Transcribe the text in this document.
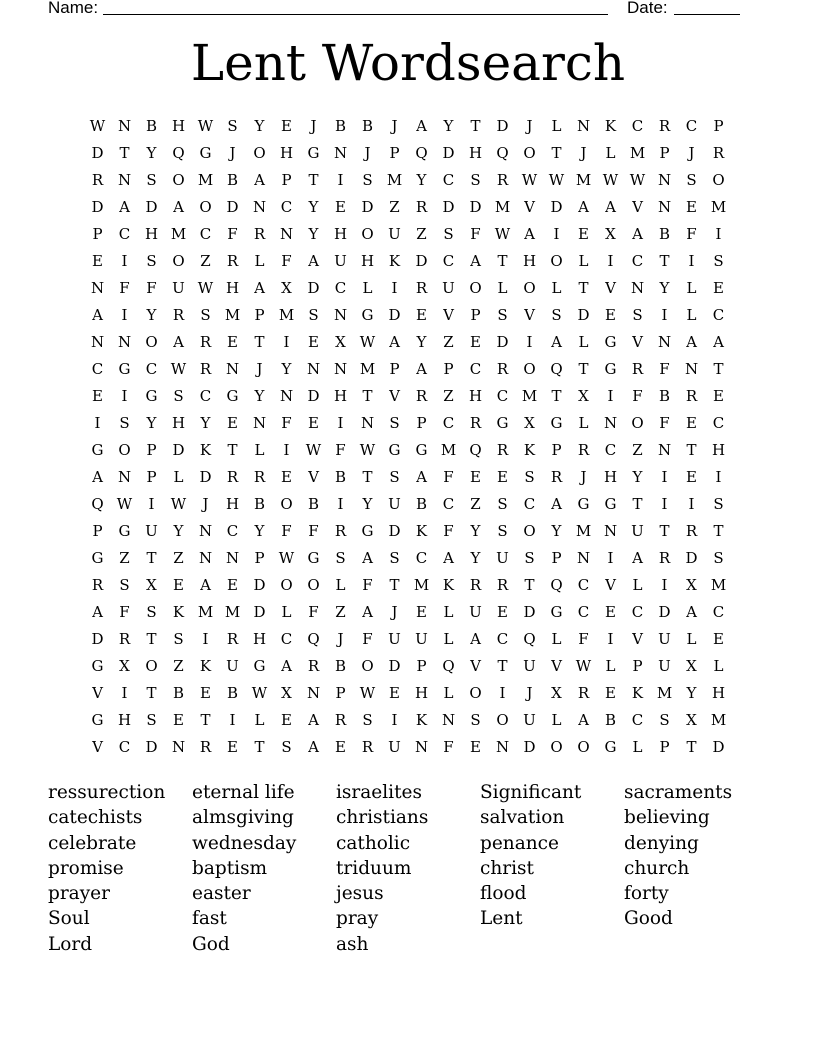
Name:	Date:
Lent Wordsearch
W N B H W S	Y	E	J	B	B	J	A	Y	T	D	J	L	N K	C	R	C	P
D	T	Y	Q G	J	O H G N	J	P	Q D H Q O	T	J	L M P	J	R
R N	S	O M B	A	P	T	I	S M Y	C	S	R W W M W W N	S	O
D	A	D	A	O D N C	Y	E	D	Z	R	D D M V	D	A	A	V	N E M
P	C H M C	F	R N	Y	H O U	Z	S	F W A	I	E	X	A	B	F	I
E	I	S	O	Z	R	L	F	A	U H K	D	C	A	T	H O	L	I	C	T	I	S
N	F	F	U W H	A	X	D	C	L	I	R	U O	L	O	L	T	V	N	Y	L	E
A	I	Y	R	S M P M S	N G	D	E	V	P	S	V	S	D	E	S	I	L	C
N N O	A	R	E	T	I	E	X W A	Y	Z	E	D	I	A	L	G	V	N	A	A
C	G	C W R N	J	Y	N N M P	A	P	C	R	O Q	T	G	R	F	N	T
E	I	G	S	C	G	Y	N D H	T	V	R	Z	H C M T	X	I	F	B	R	E
I	S	Y	H	Y	E N	F	E	I	N	S	P	C	R	G	X	G	L	N O	F	E	C
G O	P	D	K	T	L	I	W F W G	G M Q	R	K	P	R	C	Z	N	T	H
A	N	P	L	D	R	R	E	V	B	T	S	A	F	E	E	S	R	J	H	Y	I	E	I
Q W	I	W	J	H B	O	B	I	Y	U	B	C	Z	S	C	A	G	G	T	I	I	S
P	G U	Y	N C	Y	F	F	R	G	D	K	F	Y	S	O	Y M N U	T	R	T
G	Z	T	Z	N N	P W G	S	A	S	C	A	Y	U	S	P	N	I	A	R	D	S
R	S	X	E	A	E	D O O	L	F	T M K	R	R	T	Q	C	V	L	I	X M
A	F	S	K M M D	L	F	Z	A	J	E	L	U	E	D G	C	E	C	D	A	C
D	R	T	S	I	R H C	Q	J	F	U U	L	A	C	Q	L	F	I	V	U	L	E
G	X	O	Z	K	U G	A	R	B	O D	P	Q	V	T	U	V W L	P	U	X	L
V	I	T	B	E	B W X	N	P W E H	L	O	I	J	X	R	E	K M Y	H
G H	S	E	T	I	L	E	A	R	S	I	K N	S	O U	L	A	B	C	S	X M
V	C	D N R	E	T	S	A	E	R	U N	F	E N D O O G	L	P	T	D
ressurection	eternal life	israelites	Significant	sacraments
catechists	almsgiving	christians	salvation	believing
celebrate	wednesday	catholic	penance	denying
promise	baptism	triduum	christ	church
prayer	easter	jesus	flood	forty
Soul	fast	pray	Lent	Good
Lord	God	ash
